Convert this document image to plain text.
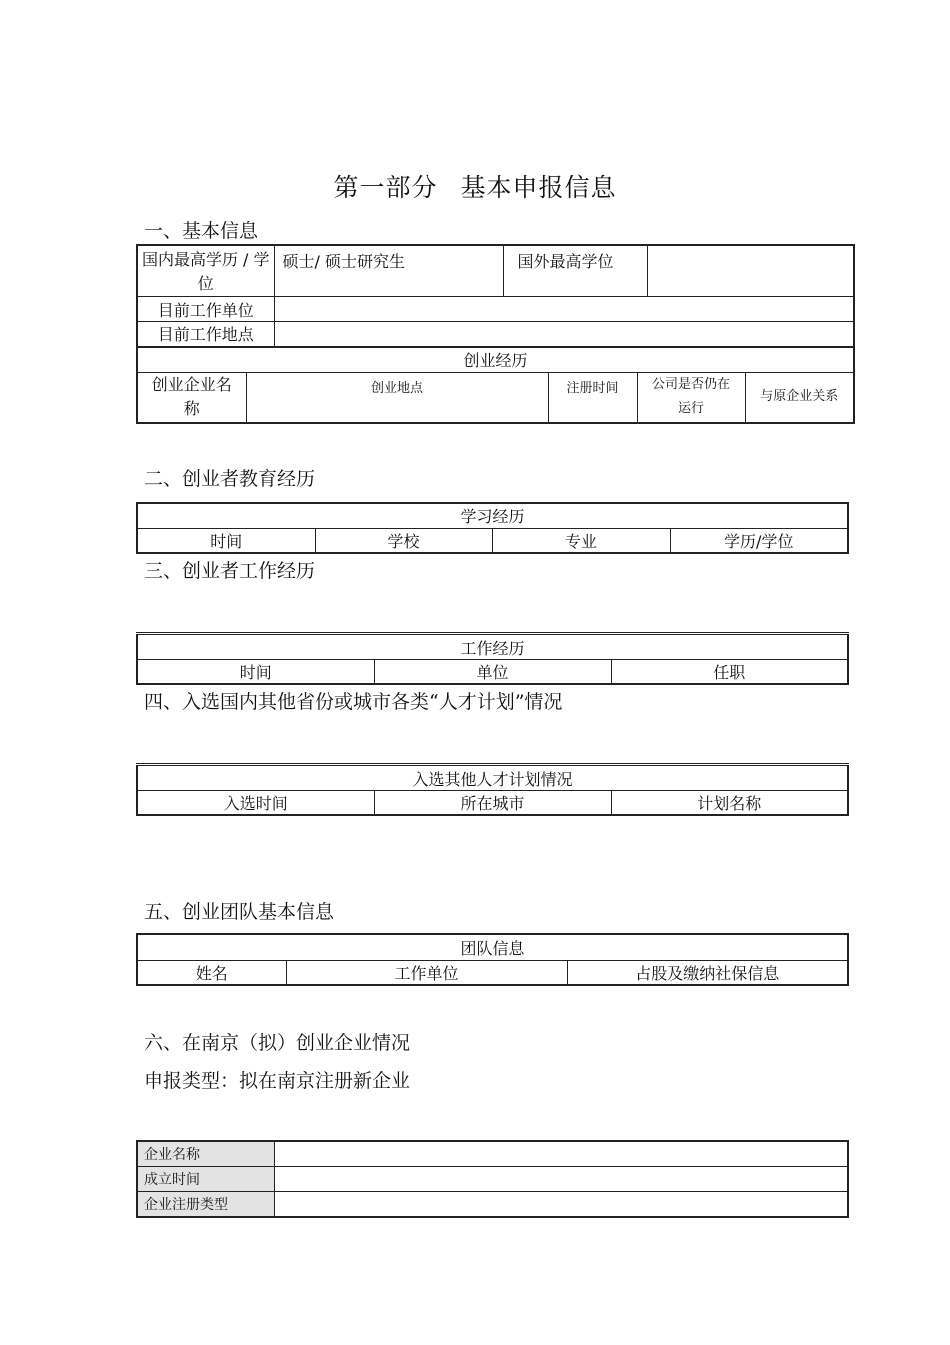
第一部分 基本申报信息
一、基本信息
国内最高学历 / 学位	硕士/ 硕士研究生	国外最高学位	
目前工作单位			
目前工作地点			
创业经历
创业企业名称	创业地点	注册时间	公司是否仍在运行	与原企业关系
二、创业者教育经历
学习经历
时间	学校	专业	学历/学位
三、创业者工作经历
工作经历
时间	单位	任职
四、入选国内其他省份或城市各类“人才计划”情况
入选其他人才计划情况
入选时间	所在城市	计划名称
五、创业团队基本信息
团队信息
姓名	工作单位	占股及缴纳社保信息
六、在南京（拟）创业企业情况
申报类型：拟在南京注册新企业
企业名称	
成立时间	
企业注册类型	
